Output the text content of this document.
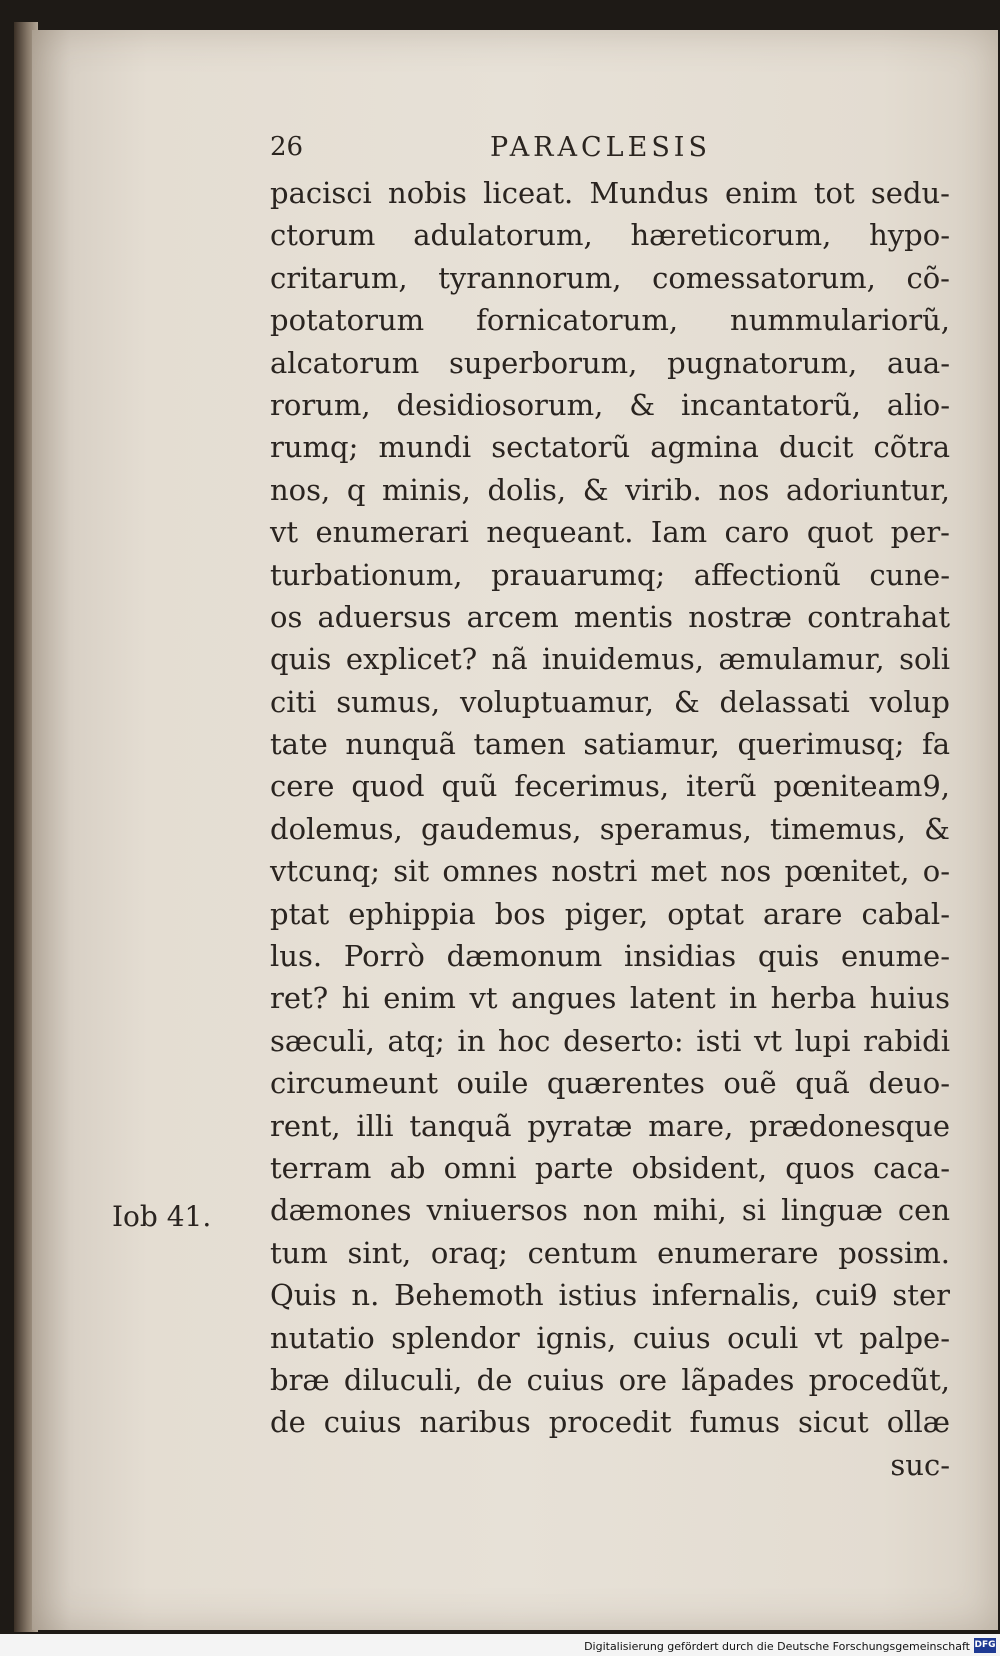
26	PARACLESIS
Iob 41.
pacisci nobis liceat. Mundus enim tot sedu-
ctorum adulatorum, hæreticorum, hypo-
critarum, tyrannorum, comessatorum, cõ-
potatorum fornicatorum, nummulariorũ,
alcatorum superborum, pugnatorum, aua-
rorum, desidiosorum, & incantatorũ, alio-
rumq; mundi sectatorũ agmina ducit cõtra
nos, q minis, dolis, & virib. nos adoriuntur,
vt enumerari nequeant. Iam caro quot per-
turbationum, prauarumq; affectionũ cune-
os aduersus arcem mentis nostræ contrahat
quis explicet? nã inuidemus, æmulamur, soli
citi sumus, voluptuamur, & delassati volup
tate nunquã tamen satiamur, querimusq; fa
cere quod quũ fecerimus, iterũ pœniteam9,
dolemus, gaudemus, speramus, timemus, &
vtcunq; sit omnes nostri met nos pœnitet, o-
ptat ephippia bos piger, optat arare cabal-
lus. Porrò dæmonum insidias quis enume-
ret? hi enim vt angues latent in herba huius
sæculi, atq; in hoc deserto: isti vt lupi rabidi
circumeunt ouile quærentes ouẽ quã deuo-
rent, illi tanquã pyratæ mare, prædonesque
terram ab omni parte obsident, quos caca-
dæmones vniuersos non mihi, si linguæ cen
tum sint, oraq; centum enumerare possim.
Quis n. Behemoth istius infernalis, cui9 ster
nutatio splendor ignis, cuius oculi vt palpe-
bræ diluculi, de cuius ore lãpades procedũt,
de cuius naribus procedit fumus sicut ollæ
suc-
Digitalisierung gefördert durch die Deutsche Forschungsgemeinschaft DFG
